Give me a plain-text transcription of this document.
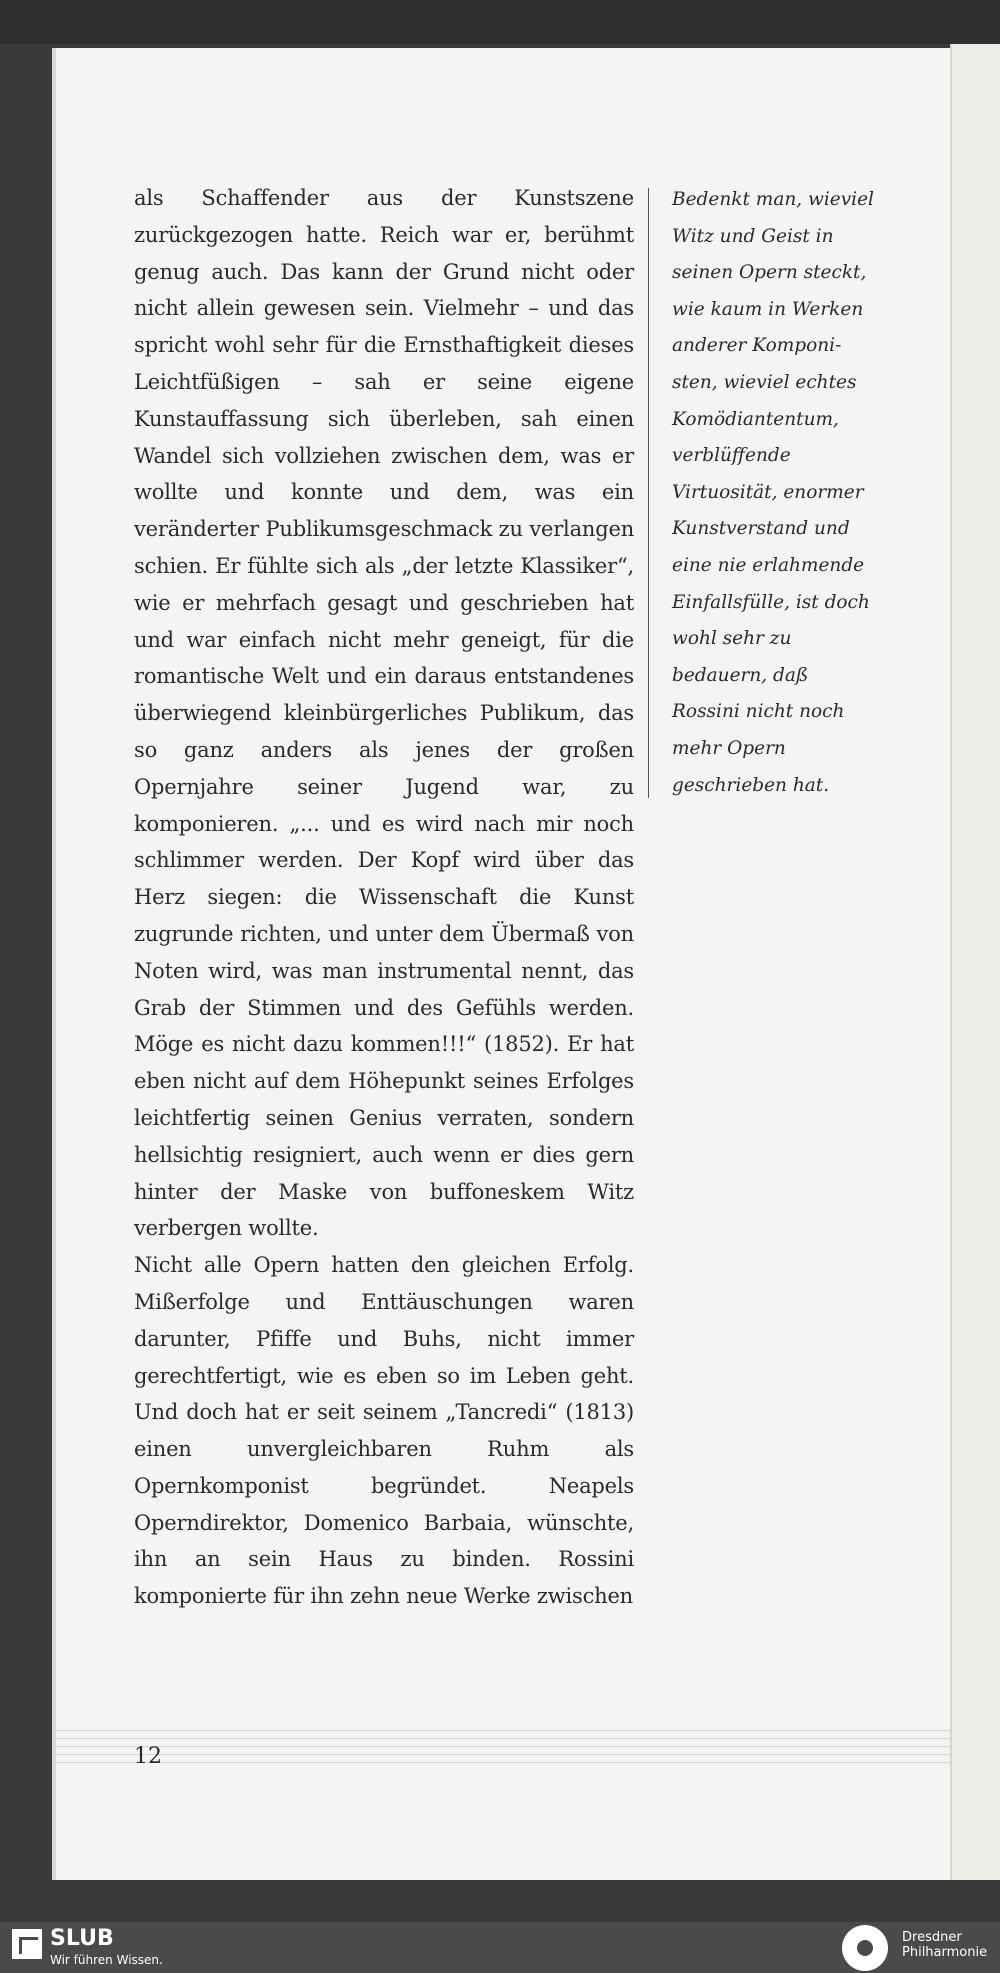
als Schaffender aus der Kunstszene zurückgezogen hatte. Reich war er, berühmt genug auch. Das kann der Grund nicht oder nicht allein gewesen sein. Vielmehr – und das spricht wohl sehr für die Ernsthaftigkeit dieses Leichtfüßigen – sah er seine eigene Kunstauffassung sich überleben, sah einen Wandel sich vollziehen zwischen dem, was er wollte und konnte und dem, was ein veränderter Publikumsgeschmack zu verlangen schien. Er fühlte sich als „der letzte Klassiker“, wie er mehrfach gesagt und geschrieben hat und war einfach nicht mehr geneigt, für die romantische Welt und ein daraus entstandenes überwiegend kleinbürgerliches Publikum, das so ganz anders als jenes der großen Opernjahre seiner Jugend war, zu komponieren. „... und es wird nach mir noch schlimmer werden. Der Kopf wird über das Herz siegen: die Wissenschaft die Kunst zugrunde richten, und unter dem Übermaß von Noten wird, was man instrumental nennt, das Grab der Stimmen und des Gefühls werden. Möge es nicht dazu kommen!!!“ (1852). Er hat eben nicht auf dem Höhepunkt seines Erfolges leichtfertig seinen Genius verraten, sondern hellsichtig resigniert, auch wenn er dies gern hinter der Maske von buffoneskem Witz verbergen wollte.

Nicht alle Opern hatten den gleichen Erfolg. Mißerfolge und Enttäuschungen waren darunter, Pfiffe und Buhs, nicht immer gerechtfertigt, wie es eben so im Leben geht. Und doch hat er seit seinem „Tancredi“ (1813) einen unvergleichbaren Ruhm als Opernkomponist begründet. Neapels Operndirektor, Domenico Barbaia, wünschte, ihn an sein Haus zu binden. Rossini komponierte für ihn zehn neue Werke zwischen

Bedenkt man, wieviel
Witz und Geist in
seinen Opern steckt,
wie kaum in Werken
anderer Komponi-
sten, wieviel echtes
Komödiantentum,
verblüffende
Virtuosität, enormer
Kunstverstand und
eine nie erlahmende
Einfallsfülle, ist doch
wohl sehr zu
bedauern, daß
Rossini nicht noch
mehr Opern
geschrieben hat.
12
SLUB
Wir führen Wissen.
Dresdner
Philharmonie
